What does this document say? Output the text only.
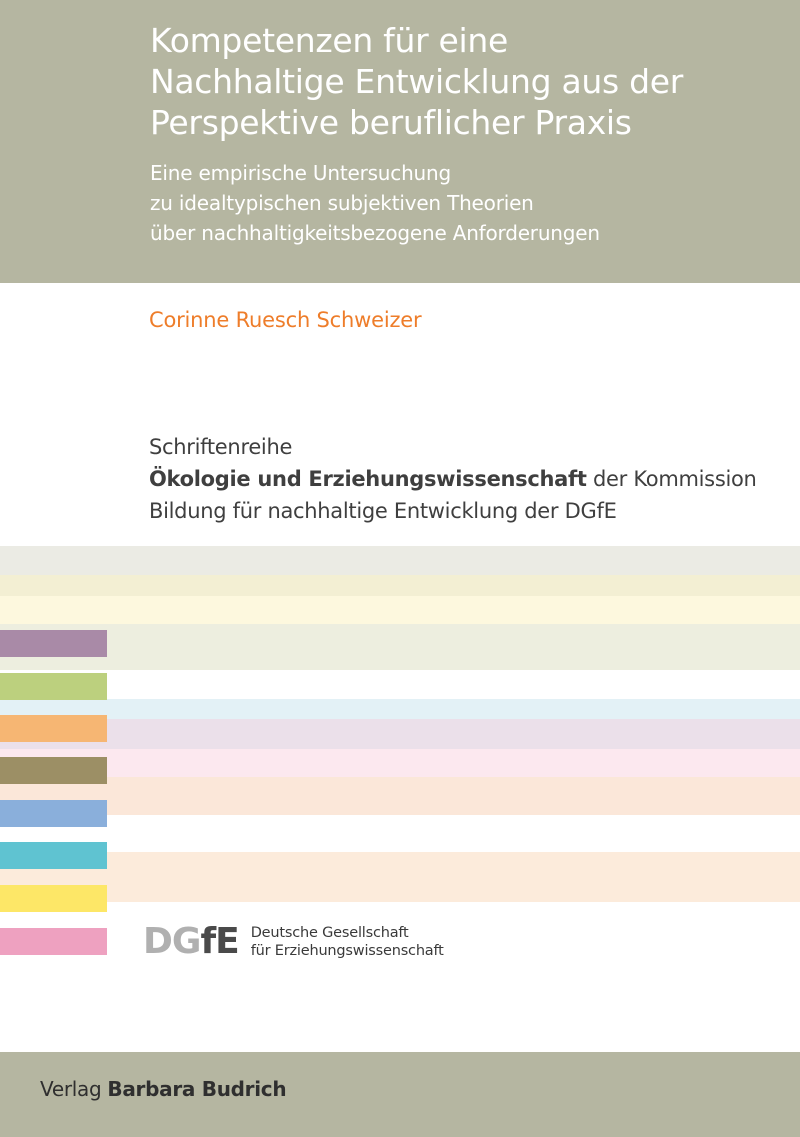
Kompetenzen für eine
Nachhaltige Entwicklung aus der
Perspektive beruflicher Praxis
Eine empirische Untersuchung
zu idealtypischen subjektiven Theorien
über nachhaltigkeitsbezogene Anforderungen
Corinne Ruesch Schweizer
Schriftenreihe
Ökologie und Erziehungswissenschaft der Kommission
Bildung für nachhaltige Entwicklung der DGfE
DGfE Deutsche Gesellschaft
für Erziehungswissenschaft
Verlag Barbara Budrich
